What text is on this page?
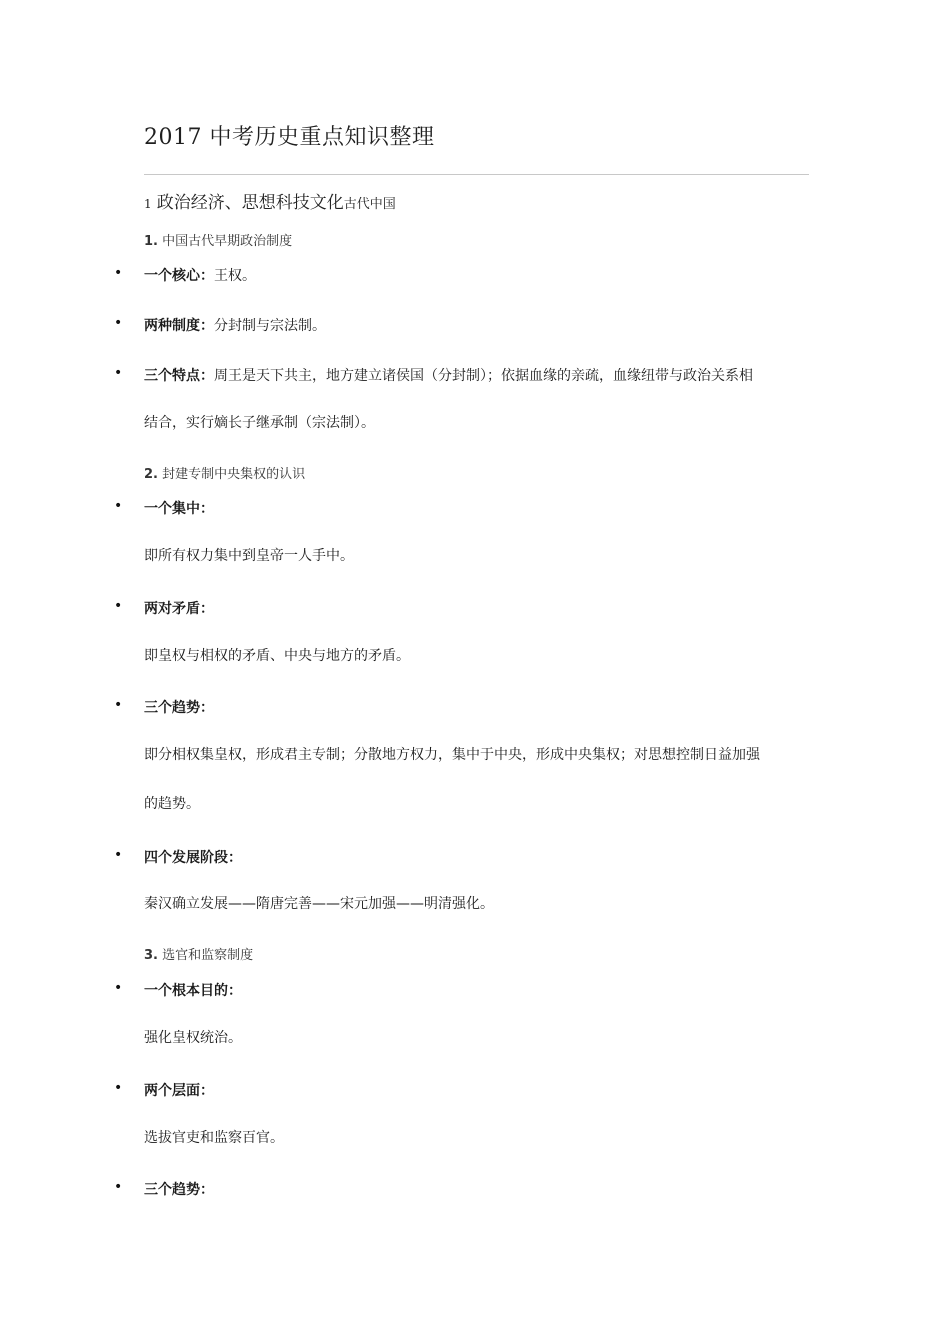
2017 中考历史重点知识整理
1 政治经济、思想科技文化古代中国
1. 中国古代早期政治制度
• 一个核心：王权。
• 两种制度：分封制与宗法制。
• 三个特点：周王是天下共主，地方建立诸侯国（分封制）；依据血缘的亲疏，血缘纽带与政治关系相
结合，实行嫡长子继承制（宗法制）。
2. 封建专制中央集权的认识
• 一个集中：
即所有权力集中到皇帝一人手中。
• 两对矛盾：
即皇权与相权的矛盾、中央与地方的矛盾。
• 三个趋势：
即分相权集皇权，形成君主专制；分散地方权力，集中于中央，形成中央集权；对思想控制日益加强
的趋势。
• 四个发展阶段：
秦汉确立发展——隋唐完善——宋元加强——明清强化。
3. 选官和监察制度
• 一个根本目的：
强化皇权统治。
• 两个层面：
选拔官吏和监察百官。
• 三个趋势：
